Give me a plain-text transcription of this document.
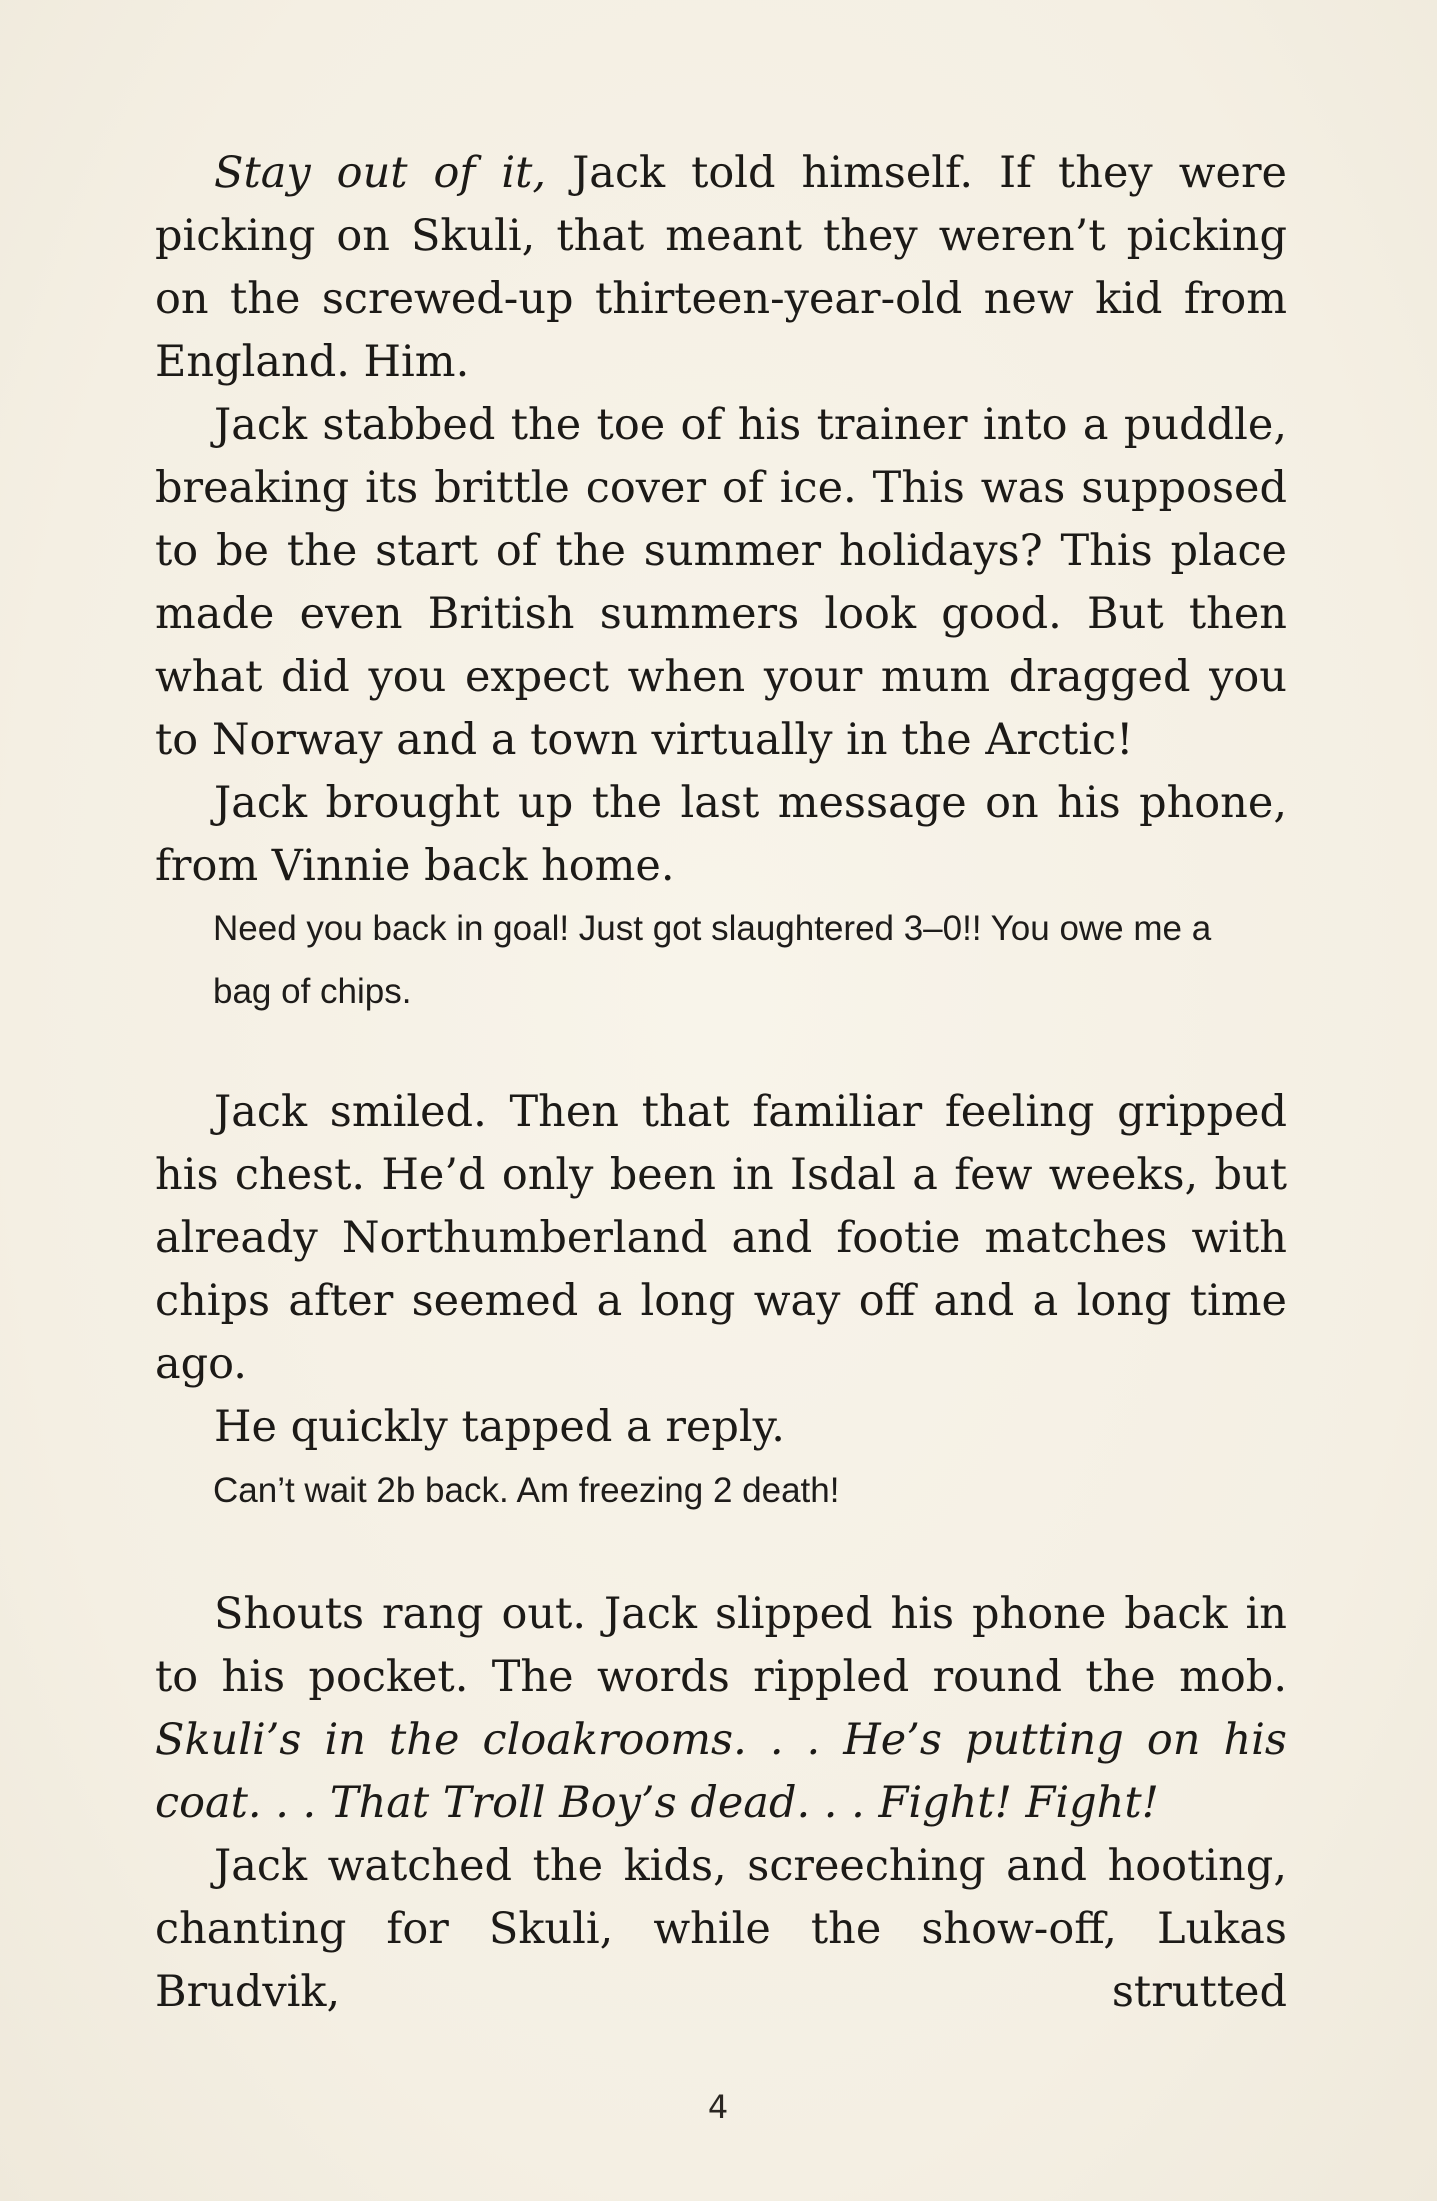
Stay out of it, Jack told himself. If they were picking on Skuli, that meant they weren’t picking on the screwed-up thirteen-year-old new kid from England. Him.

Jack stabbed the toe of his trainer into a puddle, breaking its brittle cover of ice. This was supposed to be the start of the summer holidays? This place made even British summers look good. But then what did you expect when your mum dragged you to Norway and a town virtually in the Arctic!

Jack brought up the last message on his phone, from Vinnie back home.

Need you back in goal! Just got slaughtered 3–0!! You owe me a bag of chips.

Jack smiled. Then that familiar feeling gripped his chest. He’d only been in Isdal a few weeks, but already Northumberland and footie matches with chips after seemed a long way off and a long time ago.

He quickly tapped a reply.

Can’t wait 2b back. Am freezing 2 death!

Shouts rang out. Jack slipped his phone back in to his pocket. The words rippled round the mob. Skuli’s in the cloakrooms. . . He’s putting on his coat. . . That Troll Boy’s dead. . . Fight! Fight!

Jack watched the kids, screeching and hooting, chanting for Skuli, while the show-off, Lukas Brudvik, strutted

4
